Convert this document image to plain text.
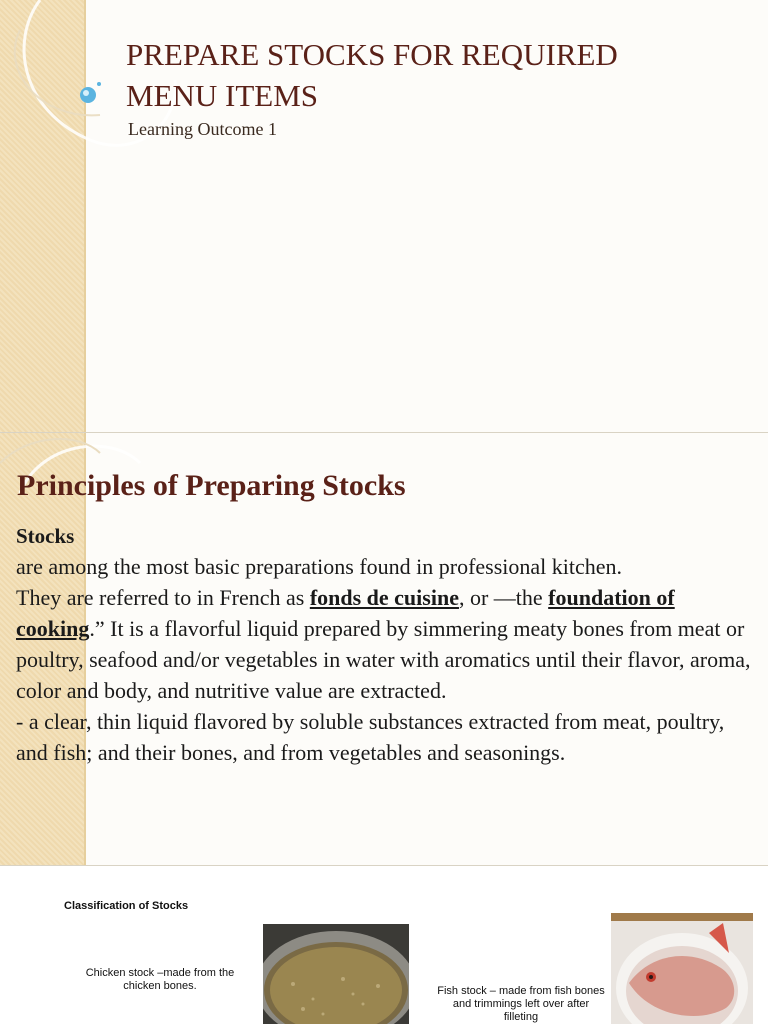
PREPARE STOCKS FOR REQUIRED
MENU ITEMS
Learning Outcome 1
Principles of Preparing Stocks

Stocks

are among the most basic preparations found in professional kitchen.

They are referred to in French as fonds de cuisine, or —the foundation of cooking.” It is a flavorful liquid prepared by simmering meaty bones from meat or poultry, seafood and/or vegetables in water with aromatics until their flavor, aroma, color and body, and nutritive value are extracted.

- a clear, thin liquid flavored by soluble substances extracted from meat, poultry, and fish; and their bones, and from vegetables and seasonings.

Classification of Stocks
Chicken stock –made from the
chicken bones.	Fish stock – made from fish bones
and trimmings left over after filleting
